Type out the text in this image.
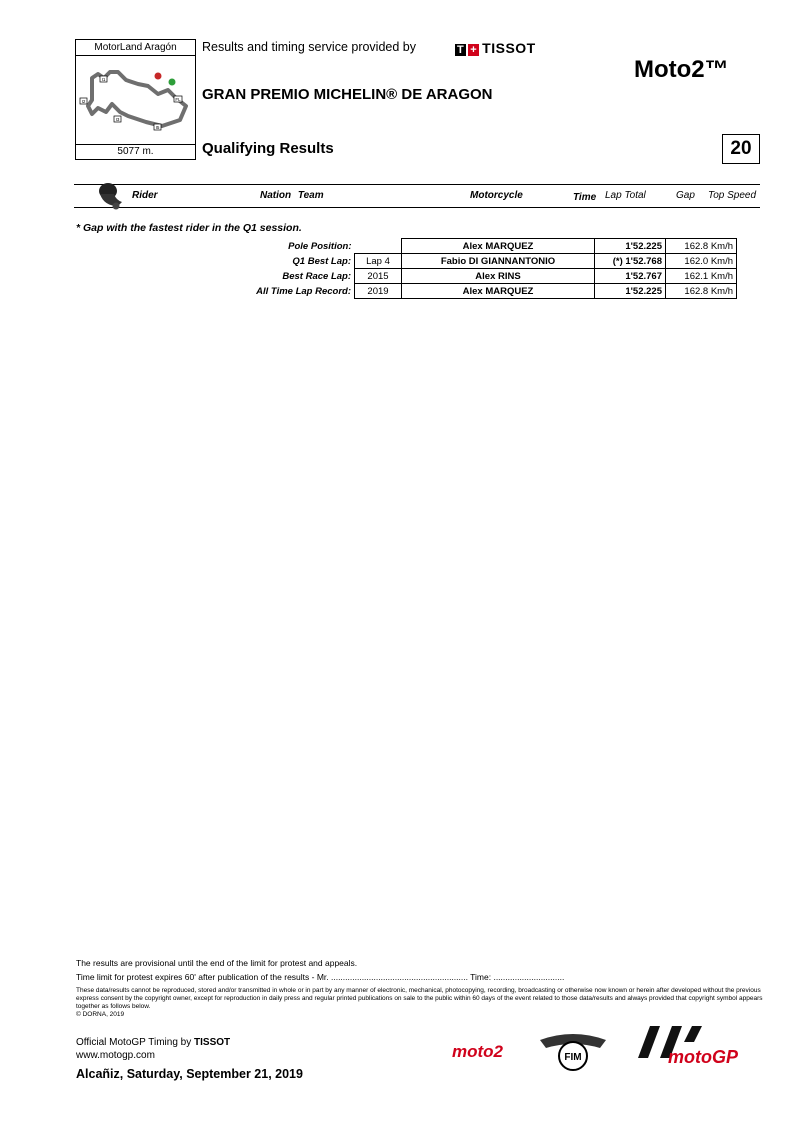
MotorLand Aragón
I1
I2
I3
FL
I5
5077 m.
Results and timing service provided by	T + TISSOT
GRAN PREMIO MICHELIN® DE ARAGON
Moto2™
Qualifying Results	20
Rider	Nation Team	Motorcycle	Time Lap Total	Gap Top Speed
* Gap with the fastest rider in the Q1 session.
Pole Position:		Alex MARQUEZ	1'52.225	162.8 Km/h
Q1 Best Lap:	Lap 4	Fabio DI GIANNANTONIO	(*) 1'52.768	162.0 Km/h
Best Race Lap:	2015	Alex RINS	1'52.767	162.1 Km/h
All Time Lap Record:	2019	Alex MARQUEZ	1'52.225	162.8 Km/h
The results are provisional until the end of the limit for protest and appeals.
Time limit for protest expires 60' after publication of the results - Mr. .......................................................... Time: ..............................
These data/results cannot be reproduced, stored and/or transmitted in whole or in part by any manner of electronic, mechanical, photocopying, recording, broadcasting or otherwise now known or herein after developed without the previous express consent by the copyright owner, except for reproduction in daily press and regular printed publications on sale to the public within 60 days of the event related to those data/results and always provided that copyright symbol appears together as follows below.
© DORNA, 2019
Official MotoGP Timing by TISSOT
www.motogp.com
Alcañiz, Saturday, September 21, 2019
moto2	FIM	motoGP
